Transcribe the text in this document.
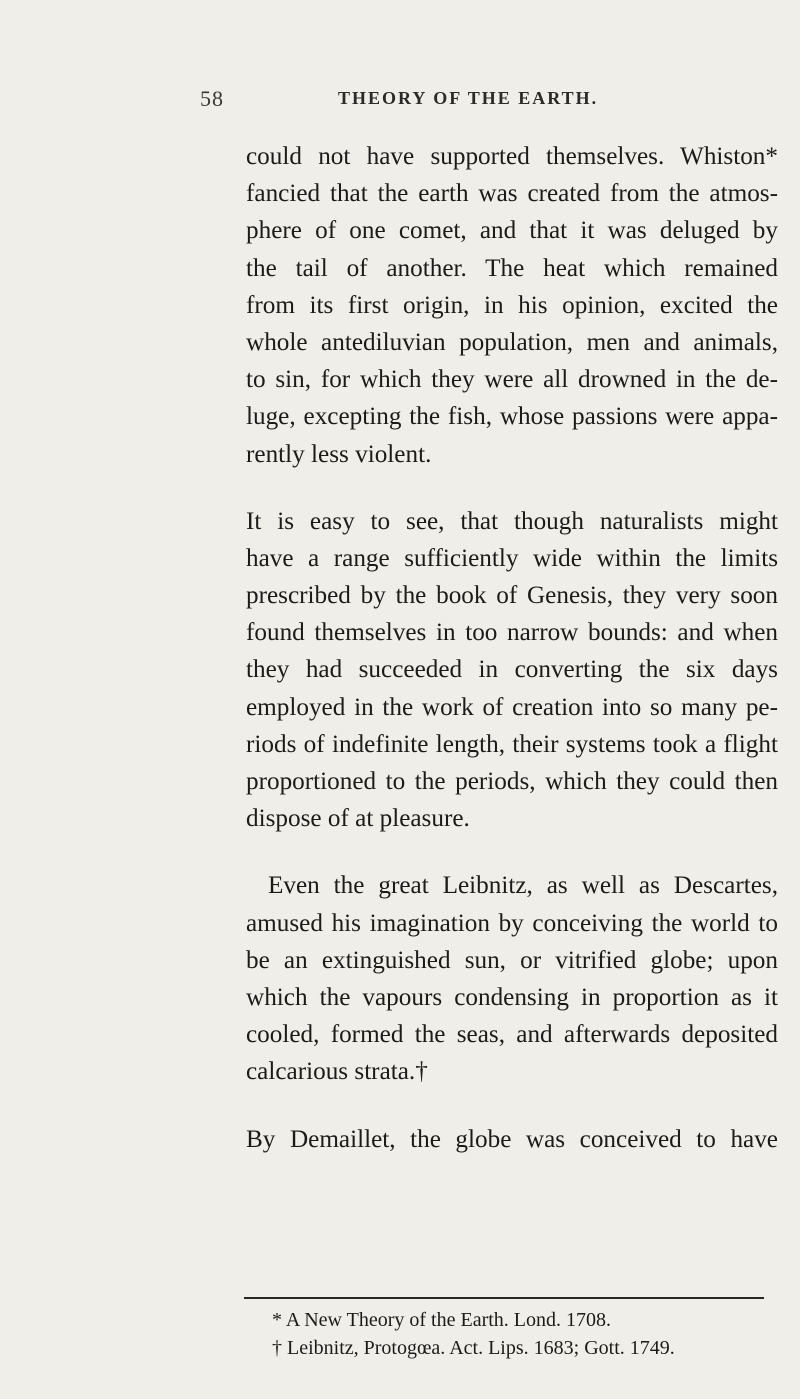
58	THEORY OF THE EARTH.
could not have supported themselves. Whiston*
fancied that the earth was created from the atmos-
phere of one comet, and that it was deluged by
the tail of another. The heat which remained
from its first origin, in his opinion, excited the
whole antediluvian population, men and animals,
to sin, for which they were all drowned in the de-
luge, excepting the fish, whose passions were appa-
rently less violent.
It is easy to see, that though naturalists might
have a range sufficiently wide within the limits
prescribed by the book of Genesis, they very soon
found themselves in too narrow bounds: and when
they had succeeded in converting the six days
employed in the work of creation into so many pe-
riods of indefinite length, their systems took a flight
proportioned to the periods, which they could then
dispose of at pleasure.
Even the great Leibnitz, as well as Descartes,
amused his imagination by conceiving the world to
be an extinguished sun, or vitrified globe; upon
which the vapours condensing in proportion as it
cooled, formed the seas, and afterwards deposited
calcarious strata.†
By Demaillet, the globe was conceived to have
* A New Theory of the Earth. Lond. 1708.
† Leibnitz, Protogœa. Act. Lips. 1683; Gott. 1749.
